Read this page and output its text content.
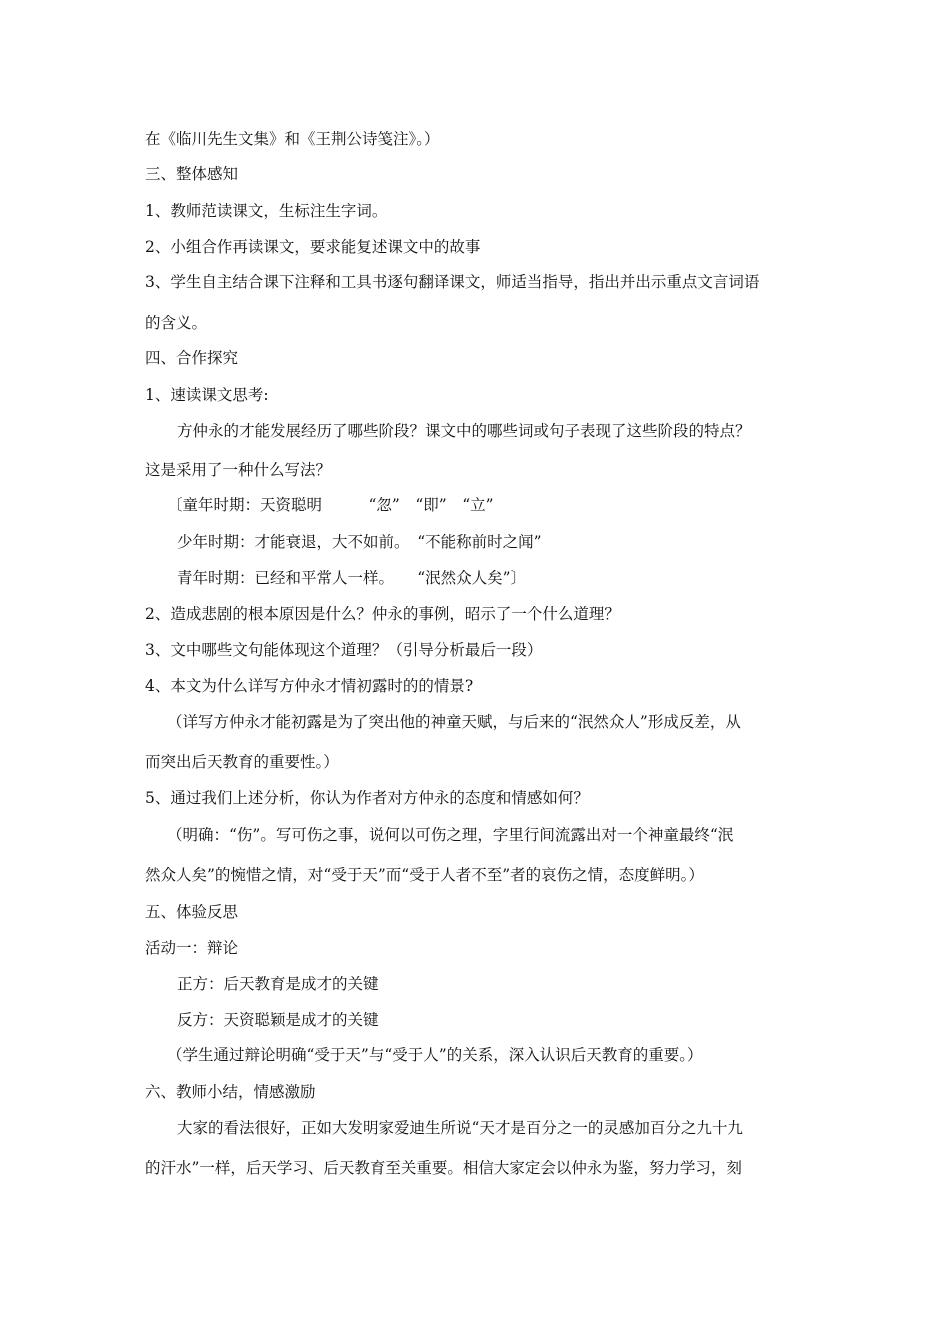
在《临川先生文集》和《王荆公诗笺注》。）
三、整体感知
1、教师范读课文，生标注生字词。
2、小组合作再读课文，要求能复述课文中的故事
3、学生自主结合课下注释和工具书逐句翻译课文，师适当指导，指出并出示重点文言词语
的含义。
四、合作探究
1、速读课文思考:
方仲永的才能发展经历了哪些阶段？课文中的哪些词或句子表现了这些阶段的特点？
这是采用了一种什么写法？
〔童年时期：天资聪明　　　“忽”　“即”　“立”
少年时期：才能衰退，大不如前。　“不能称前时之闻”
青年时期：已经和平常人一样。　　“泯然众人矣”〕
2、造成悲剧的根本原因是什么？仲永的事例，昭示了一个什么道理？
3、文中哪些文句能体现这个道理？（引导分析最后一段）
4、本文为什么详写方仲永才情初露时的的情景?
（详写方仲永才能初露是为了突出他的神童天赋，与后来的“泯然众人”形成反差，从
而突出后天教育的重要性。）
5、通过我们上述分析，你认为作者对方仲永的态度和情感如何？
（明确：“伤”。写可伤之事，说何以可伤之理，字里行间流露出对一个神童最终“泯
然众人矣”的惋惜之情，对“受于天”而“受于人者不至”者的哀伤之情，态度鲜明。）
五、体验反思
活动一：辩论
正方：后天教育是成才的关键
反方：天资聪颖是成才的关键
（学生通过辩论明确“受于天”与“受于人”的关系，深入认识后天教育的重要。）
六、教师小结，情感激励
大家的看法很好，正如大发明家爱迪生所说“天才是百分之一的灵感加百分之九十九
的汗水”一样，后天学习、后天教育至关重要。相信大家定会以仲永为鉴，努力学习，刻
